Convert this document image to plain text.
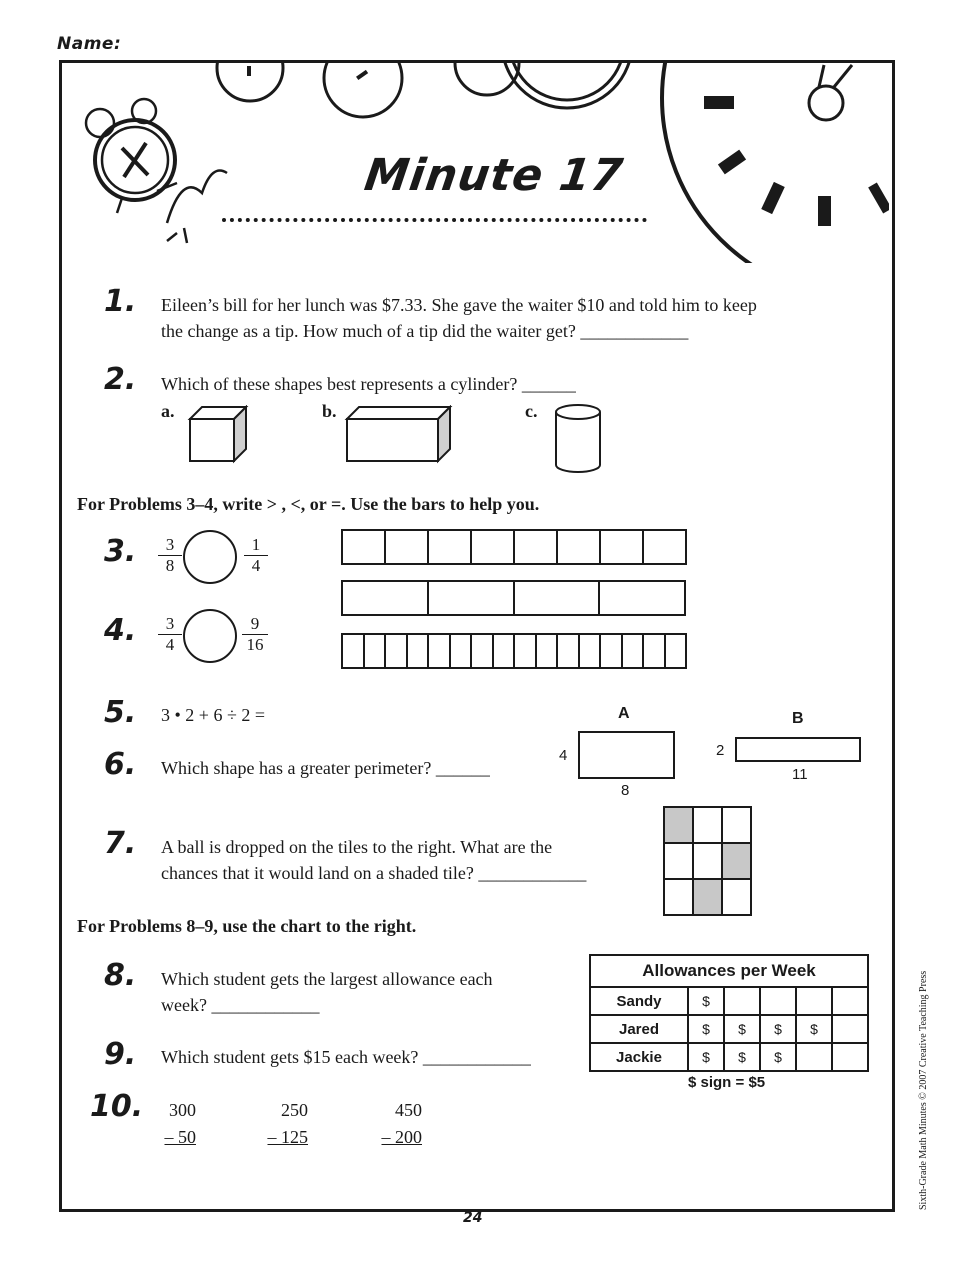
Name:
Minute 17
1.	Eileen’s bill for her lunch was $7.33. She gave the waiter $10 and told him to keep
the change as a tip. How much of a tip did the waiter get? ____________
2.	Which of these shapes best represents a cylinder? ______
a.	b.	c.
For Problems 3–4, write > , <, or =. Use the bars to help you.
3.	$\frac{3}{8}$	$\frac{1}{4}$
4.	$\frac{3}{4}$	$\frac{9}{16}$
5.	3 • 2 + 6 ÷ 2 =
6.	Which shape has a greater perimeter? ______
A
4
8
B
2
11
7.	A ball is dropped on the tiles to the right. What are the
chances that it would land on a shaded tile? ____________

For Problems 8–9, use the chart to the right.
8.	Which student gets the largest allowance each
week? ____________
9.	Which student gets $15 each week? ____________
Allowances per Week					
Sandy	$				
Jared	$	$	$	$	
Jackie	$	$	$		
$ sign = $5
10.	300
– 50
250
– 125
450
– 200
24
Sixth-Grade Math Minutes © 2007 Creative Teaching Press
